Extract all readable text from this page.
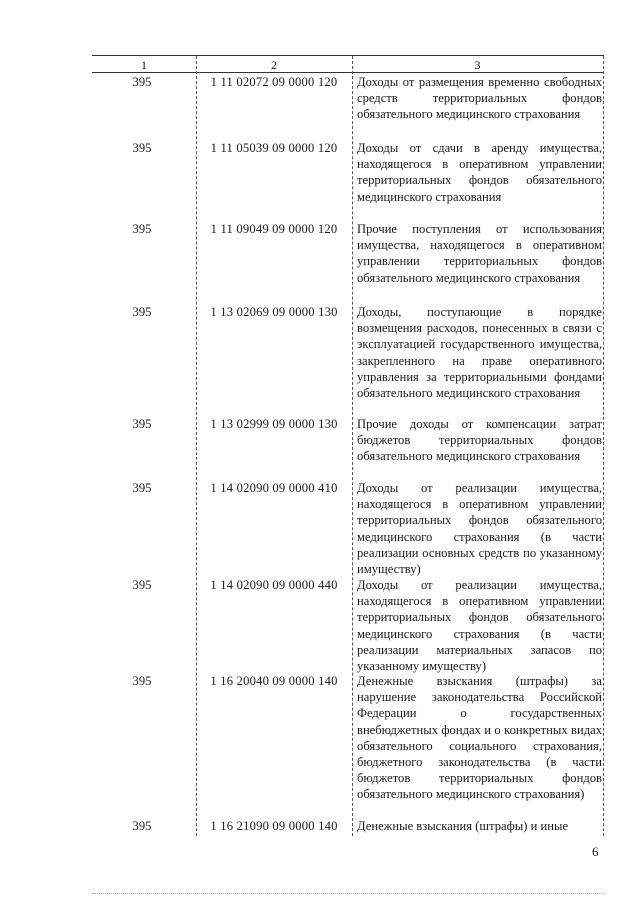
1	2	3
395	1 11 02072 09 0000 120	Доходы от размещения временно свободных средств территориальных фондов обязательного медицинского страхования
395	1 11 05039 09 0000 120	Доходы от сдачи в аренду имущества, находящегося в оперативном управлении территориальных фондов обязательного медицинского страхования
395	1 11 09049 09 0000 120	Прочие поступления от использования имущества, находящегося в оперативном управлении территориальных фондов обязательного медицинского страхования
395	1 13 02069 09 0000 130	Доходы, поступающие в порядке возмещения расходов, понесенных в связи с эксплуатацией государственного имущества, закрепленного на праве оперативного управления за территориальными фондами обязательного медицинского страхования
395	1 13 02999 09 0000 130	Прочие доходы от компенсации затрат бюджетов территориальных фондов обязательного медицинского страхования
395	1 14 02090 09 0000 410	Доходы от реализации имущества, находящегося в оперативном управлении территориальных фондов обязательного медицинского страхования (в части реализации основных средств по указанному имуществу)
395	1 14 02090 09 0000 440	Доходы от реализации имущества, находящегося в оперативном управлении территориальных фондов обязательного медицинского страхования (в части реализации материальных запасов по указанному имуществу)
395	1 16 20040 09 0000 140	Денежные взыскания (штрафы) за нарушение законодательства Российской Федерации о государственных внебюджетных фондах и о конкретных видах обязательного социального страхования, бюджетного законодательства (в части бюджетов территориальных фондов обязательного медицинского страхования)
395	1 16 21090 09 0000 140	Денежные взыскания (штрафы) и иные
6
